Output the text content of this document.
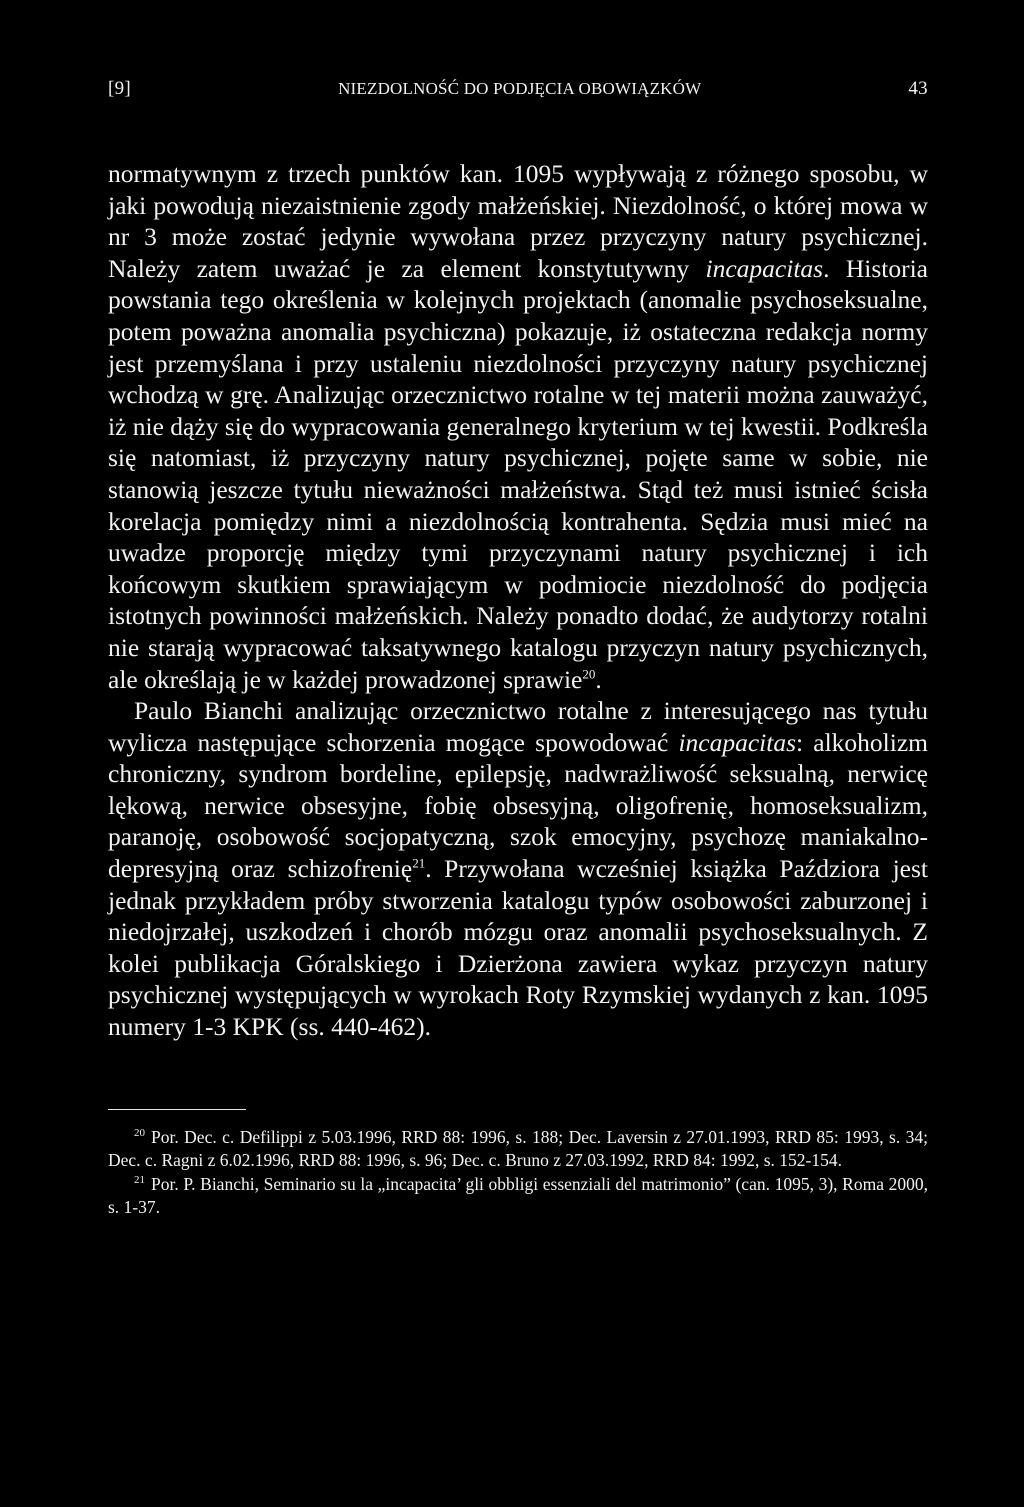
[9]	NIEZDOLNOŚĆ DO PODJĘCIA OBOWIĄZKÓW	43

normatywnym z trzech punktów kan. 1095 wypływają z różnego sposobu, w jaki powodują niezaistnienie zgody małżeńskiej. Niezdolność, o której mowa w nr 3 może zostać jedynie wywołana przez przyczyny natury psychicznej. Należy zatem uważać je za element konstytutywny incapacitas. Historia powstania tego określenia w kolejnych projektach (anomalie psychoseksualne, potem poważna anomalia psychiczna) pokazuje, iż ostateczna redakcja normy jest przemyślana i przy ustaleniu niezdolności przyczyny natury psychicznej wchodzą w grę. Analizując orzecznictwo rotalne w tej materii można zauważyć, iż nie dąży się do wypracowania generalnego kryterium w tej kwestii. Podkreśla się natomiast, iż przyczyny natury psychicznej, pojęte same w sobie, nie stanowią jeszcze tytułu nieważności małżeństwa. Stąd też musi istnieć ścisła korelacja pomiędzy nimi a niezdolnością kontrahenta. Sędzia musi mieć na uwadze proporcję między tymi przyczynami natury psychicznej i ich końcowym skutkiem sprawiającym w podmiocie niezdolność do podjęcia istotnych powinności małżeńskich. Należy ponadto dodać, że audytorzy rotalni nie starają wypracować taksatywnego katalogu przyczyn natury psychicznych, ale określają je w każdej prowadzonej sprawie$^{20}$.

Paulo Bianchi analizując orzecznictwo rotalne z interesującego nas tytułu wylicza następujące schorzenia mogące spowodować incapacitas: alkoholizm chroniczny, syndrom bordeline, epilepsję, nadwrażliwość seksualną, nerwicę lękową, nerwice obsesyjne, fobię obsesyjną, oligofrenię, homoseksualizm, paranoję, osobowość socjopatyczną, szok emocyjny, psychozę maniakalno-depresyjną oraz schizofrenię$^{21}$. Przywołana wcześniej książka Paździora jest jednak przykładem próby stworzenia katalogu typów osobowości zaburzonej i niedojrzałej, uszkodzeń i chorób mózgu oraz anomalii psychoseksualnych. Z kolei publikacja Góralskiego i Dzierżona zawiera wykaz przyczyn natury psychicznej występujących w wyrokach Roty Rzymskiej wydanych z kan. 1095 numery 1-3 KPK (ss. 440-462).

$^{20}$ Por. Dec. c. Defilippi z 5.03.1996, RRD 88: 1996, s. 188; Dec. Laversin z 27.01.1993, RRD 85: 1993, s. 34; Dec. c. Ragni z 6.02.1996, RRD 88: 1996, s. 96; Dec. c. Bruno z 27.03.1992, RRD 84: 1992, s. 152-154.

$^{21}$ Por. P. Bianchi, Seminario su la „incapacita’ gli obbligi essenziali del matrimonio” (can. 1095, 3), Roma 2000, s. 1-37.
